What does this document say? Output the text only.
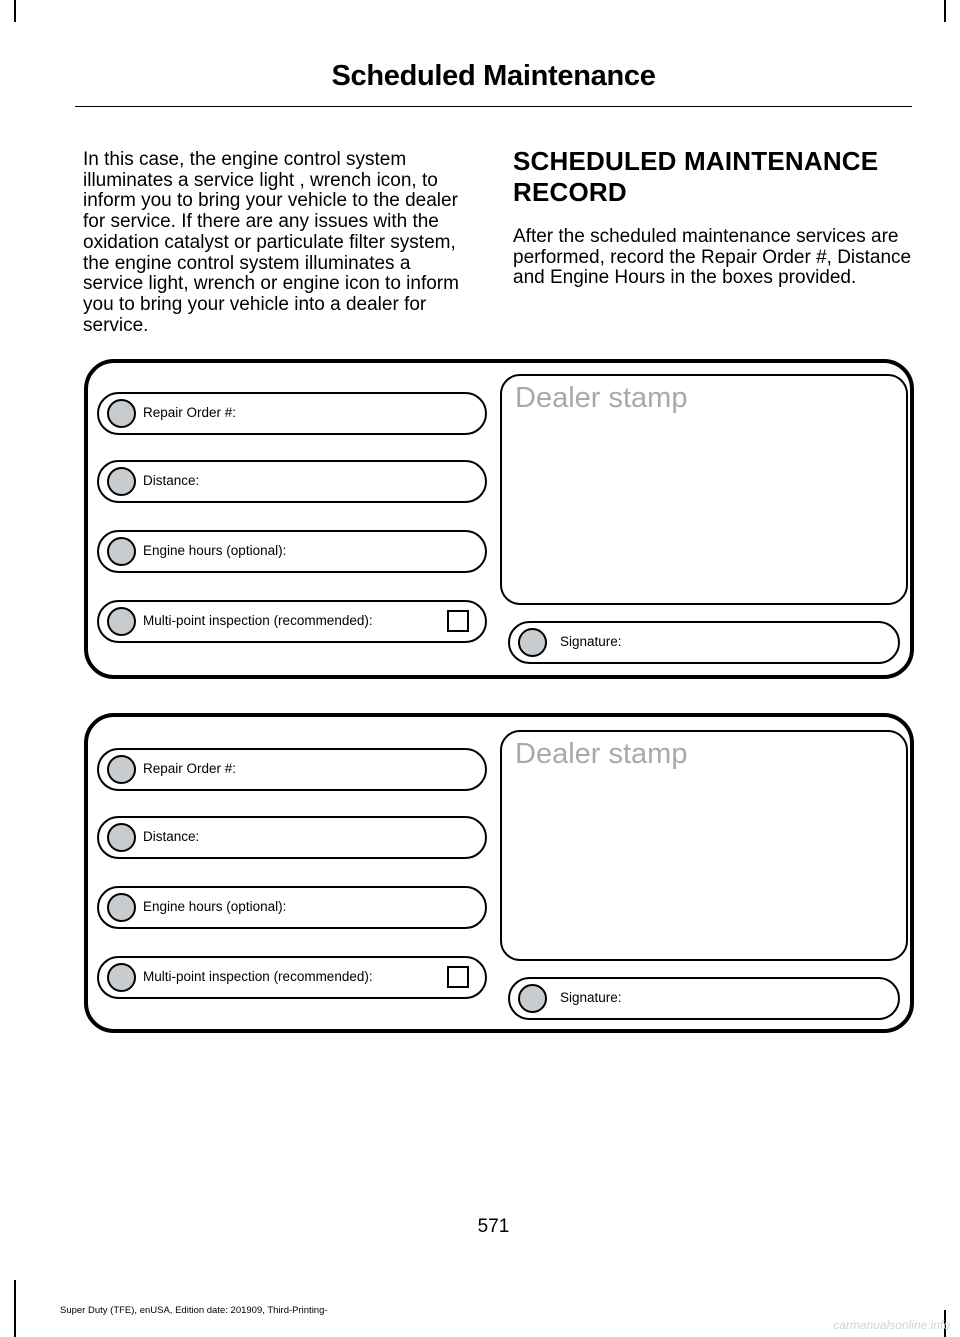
Scheduled Maintenance
In this case, the engine control system illuminates a service light , wrench icon, to inform you to bring your vehicle to the dealer for service. If there are any issues with the oxidation catalyst or particulate filter system, the engine control system illuminates a service light, wrench or engine icon to inform you to bring your vehicle into a dealer for service.
SCHEDULED MAINTENANCE RECORD
After the scheduled maintenance services are performed, record the Repair Order #, Distance and Engine Hours in the boxes provided.
Repair Order #:
Distance:
Engine hours (optional):
Multi-point inspection (recommended):
Dealer stamp
Signature:
Repair Order #:
Distance:
Engine hours (optional):
Multi-point inspection (recommended):
Dealer stamp
Signature:
571
Super Duty (TFE), enUSA, Edition date: 201909, Third-Printing-
carmanualsonline.info
